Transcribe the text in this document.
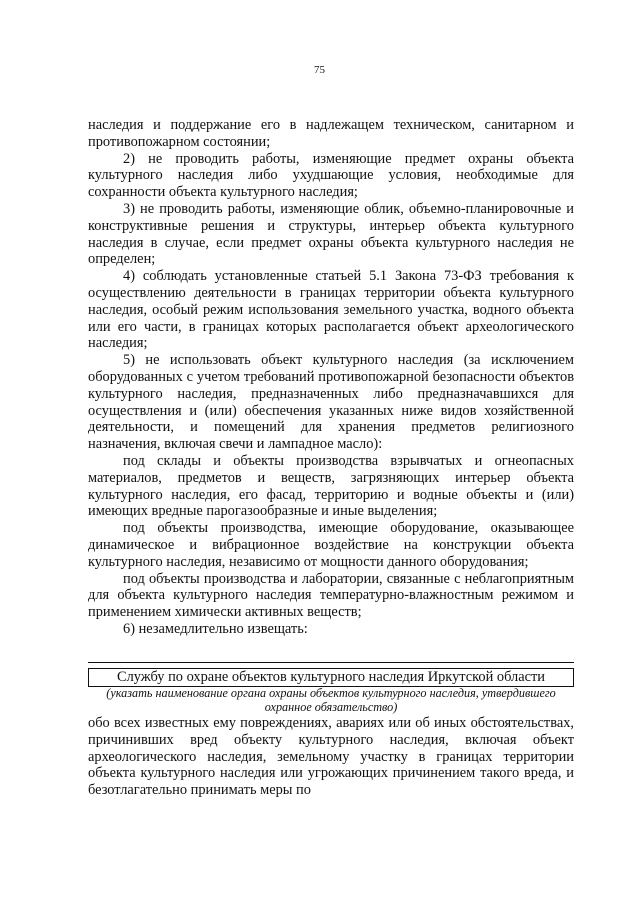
75

наследия и поддержание его в надлежащем техническом, санитарном и противопожарном состоянии;

2) не проводить работы, изменяющие предмет охраны объекта культурного наследия либо ухудшающие условия, необходимые для сохранности объекта культурного наследия;

3) не проводить работы, изменяющие облик, объемно-планировочные и конструктивные решения и структуры, интерьер объекта культурного наследия в случае, если предмет охраны объекта культурного наследия не определен;

4) соблюдать установленные статьей 5.1 Закона 73-ФЗ требования к осуществлению деятельности в границах территории объекта культурного наследия, особый режим использования земельного участка, водного объекта или его части, в границах которых располагается объект археологического наследия;

5) не использовать объект культурного наследия (за исключением оборудованных с учетом требований противопожарной безопасности объектов культурного наследия, предназначенных либо предназначавшихся для осуществления и (или) обеспечения указанных ниже видов хозяйственной деятельности, и помещений для хранения предметов религиозного назначения, включая свечи и лампадное масло):

под склады и объекты производства взрывчатых и огнеопасных материалов, предметов и веществ, загрязняющих интерьер объекта культурного наследия, его фасад, территорию и водные объекты и (или) имеющих вредные парогазообразные и иные выделения;

под объекты производства, имеющие оборудование, оказывающее динамическое и вибрационное воздействие на конструкции объекта культурного наследия, независимо от мощности данного оборудования;

под объекты производства и лаборатории, связанные с неблагоприятным для объекта культурного наследия температурно-влажностным режимом и применением химически активных веществ;

6) незамедлительно извещать:

Службу по охране объектов культурного наследия Иркутской области
(указать наименование органа охраны объектов культурного наследия, утвердившего охранное обязательство)

обо всех известных ему повреждениях, авариях или об иных обстоятельствах, причинивших вред объекту культурного наследия, включая объект археологического наследия, земельному участку в границах территории объекта культурного наследия или угрожающих причинением такого вреда, и безотлагательно принимать меры по
